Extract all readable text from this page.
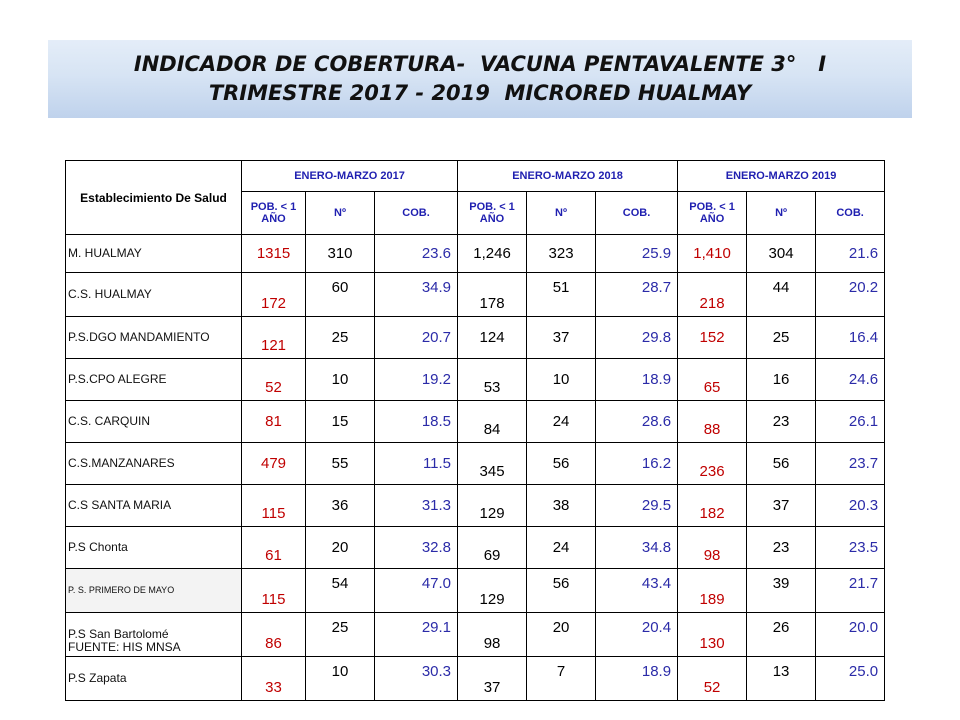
INDICADOR DE COBERTURA-  VACUNA PENTAVALENTE 3°   I
TRIMESTRE 2017 - 2019  MICRORED HUALMAY
Establecimiento De Salud	ENERO-MARZO 2017			ENERO-MARZO 2018			ENERO-MARZO 2019		
	POB. < 1 AÑO	Nº	COB.	POB. < 1 AÑO	Nº	COB.	POB. < 1 AÑO	Nº	COB.
M. HUALMAY	1315	310	23.6	1,246	323	25.9	1,410	304	21.6
C.S. HUALMAY	172	60	34.9	178	51	28.7	218	44	20.2
P.S.DGO MANDAMIENTO	121	25	20.7	124	37	29.8	152	25	16.4
P.S.CPO ALEGRE	52	10	19.2	53	10	18.9	65	16	24.6
C.S. CARQUIN	81	15	18.5	84	24	28.6	88	23	26.1
C.S.MANZANARES	479	55	11.5	345	56	16.2	236	56	23.7
C.S SANTA MARIA	115	36	31.3	129	38	29.5	182	37	20.3
P.S Chonta	61	20	32.8	69	24	34.8	98	23	23.5
P. S. PRIMERO DE MAYO	115	54	47.0	129	56	43.4	189	39	21.7
P.S San Bartolomé	86	25	29.1	98	20	20.4	130	26	20.0
P.S Zapata	33	10	30.3	37	7	18.9	52	13	25.0
FUENTE: HIS MNSA
